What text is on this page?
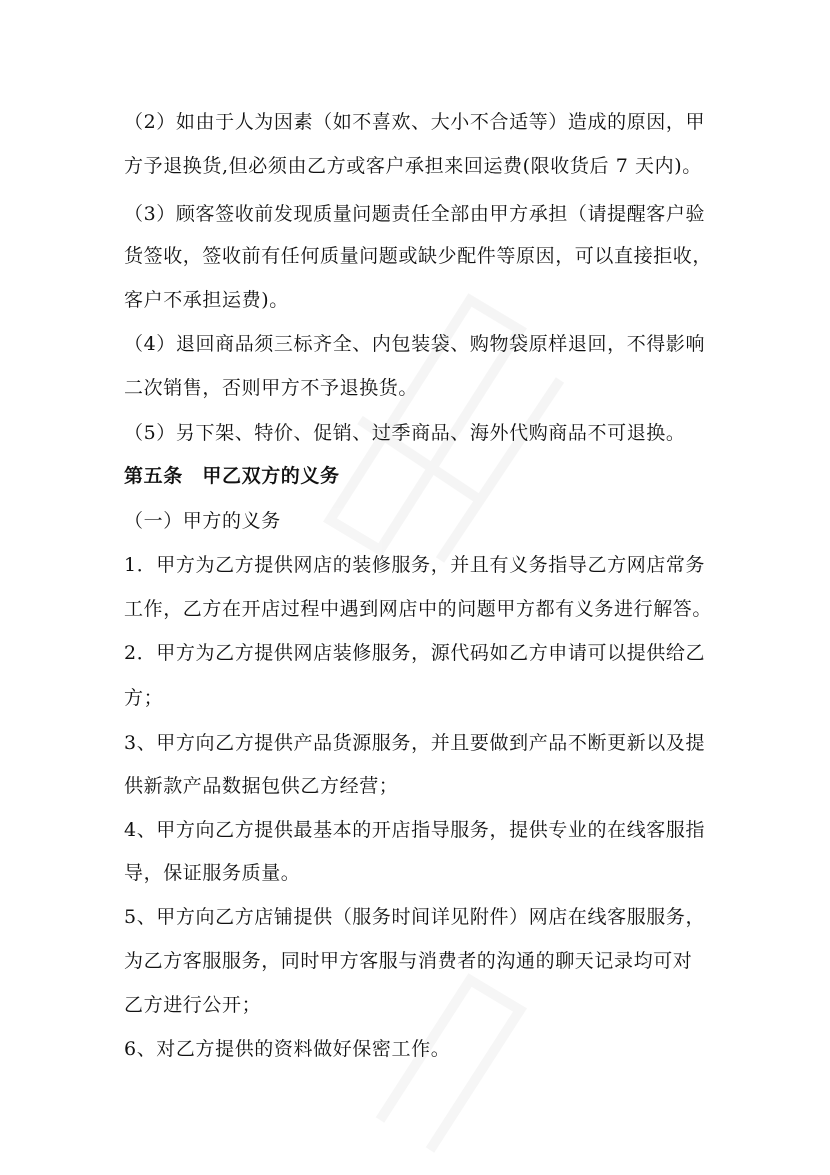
（2）如由于人为因素（如不喜欢、大小不合适等）造成的原因，甲
方予退换货,但必须由乙方或客户承担来回运费(限收货后 7 天内)。
（3）顾客签收前发现质量问题责任全部由甲方承担（请提醒客户验
货签收，签收前有任何质量问题或缺少配件等原因，可以直接拒收，
客户不承担运费)。
（4）退回商品须三标齐全、内包装袋、购物袋原样退回，不得影响
二次销售，否则甲方不予退换货。
（5）另下架、特价、促销、过季商品、海外代购商品不可退换。
第五条　甲乙双方的义务
（一）甲方的义务
1．甲方为乙方提供网店的装修服务，并且有义务指导乙方网店常务
工作，乙方在开店过程中遇到网店中的问题甲方都有义务进行解答。
2．甲方为乙方提供网店装修服务，源代码如乙方申请可以提供给乙
方；
3、甲方向乙方提供产品货源服务，并且要做到产品不断更新以及提
供新款产品数据包供乙方经营；
4、甲方向乙方提供最基本的开店指导服务，提供专业的在线客服指
导，保证服务质量。
5、甲方向乙方店铺提供（服务时间详见附件）网店在线客服服务，
为乙方客服服务，同时甲方客服与消费者的沟通的聊天记录均可对
乙方进行公开；
6、对乙方提供的资料做好保密工作。
